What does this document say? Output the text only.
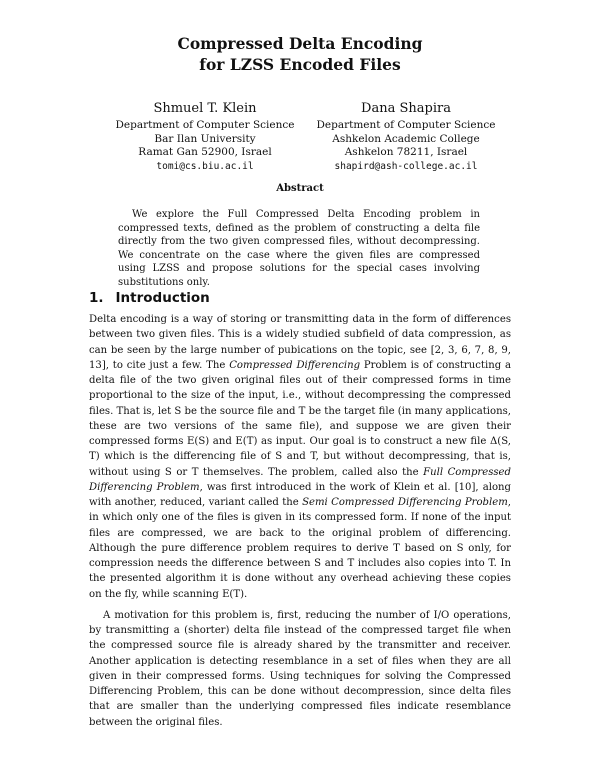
Compressed Delta Encoding
for LZSS Encoded Files
Shmuel T. Klein
Department of Computer Science
Bar Ilan University
Ramat Gan 52900, Israel
tomi@cs.biu.ac.il
Dana Shapira
Department of Computer Science
Ashkelon Academic College
Ashkelon 78211, Israel
shapird@ash-college.ac.il
Abstract
We explore the Full Compressed Delta Encoding problem in compressed texts, defined as the problem of constructing a delta file directly from the two given compressed files, without decompressing. We concentrate on the case where the given files are compressed using LZSS and propose solutions for the special cases involving substitutions only.
1. Introduction

Delta encoding is a way of storing or transmitting data in the form of differences between two given files. This is a widely studied subfield of data compression, as can be seen by the large number of pubications on the topic, see [2, 3, 6, 7, 8, 9, 13], to cite just a few. The Compressed Differencing Problem is of constructing a delta file of the two given original files out of their compressed forms in time proportional to the size of the input, i.e., without decompressing the compressed files. That is, let S be the source file and T be the target file (in many applications, these are two versions of the same file), and suppose we are given their compressed forms E(S) and E(T) as input. Our goal is to construct a new file Δ(S, T) which is the differencing file of S and T, but without decompressing, that is, without using S or T themselves. The problem, called also the Full Compressed Differencing Problem, was first introduced in the work of Klein et al. [10], along with another, reduced, variant called the Semi Compressed Differencing Problem, in which only one of the files is given in its compressed form. If none of the input files are compressed, we are back to the original problem of differencing. Although the pure difference problem requires to derive T based on S only, for compression needs the difference between S and T includes also copies into T. In the presented algorithm it is done without any overhead achieving these copies on the fly, while scanning E(T).

A motivation for this problem is, first, reducing the number of I/O operations, by transmitting a (shorter) delta file instead of the compressed target file when the compressed source file is already shared by the transmitter and receiver. Another application is detecting resemblance in a set of files when they are all given in their compressed forms. Using techniques for solving the Compressed Differencing Problem, this can be done without decompression, since delta files that are smaller than the underlying compressed files indicate resemblance between the original files.
